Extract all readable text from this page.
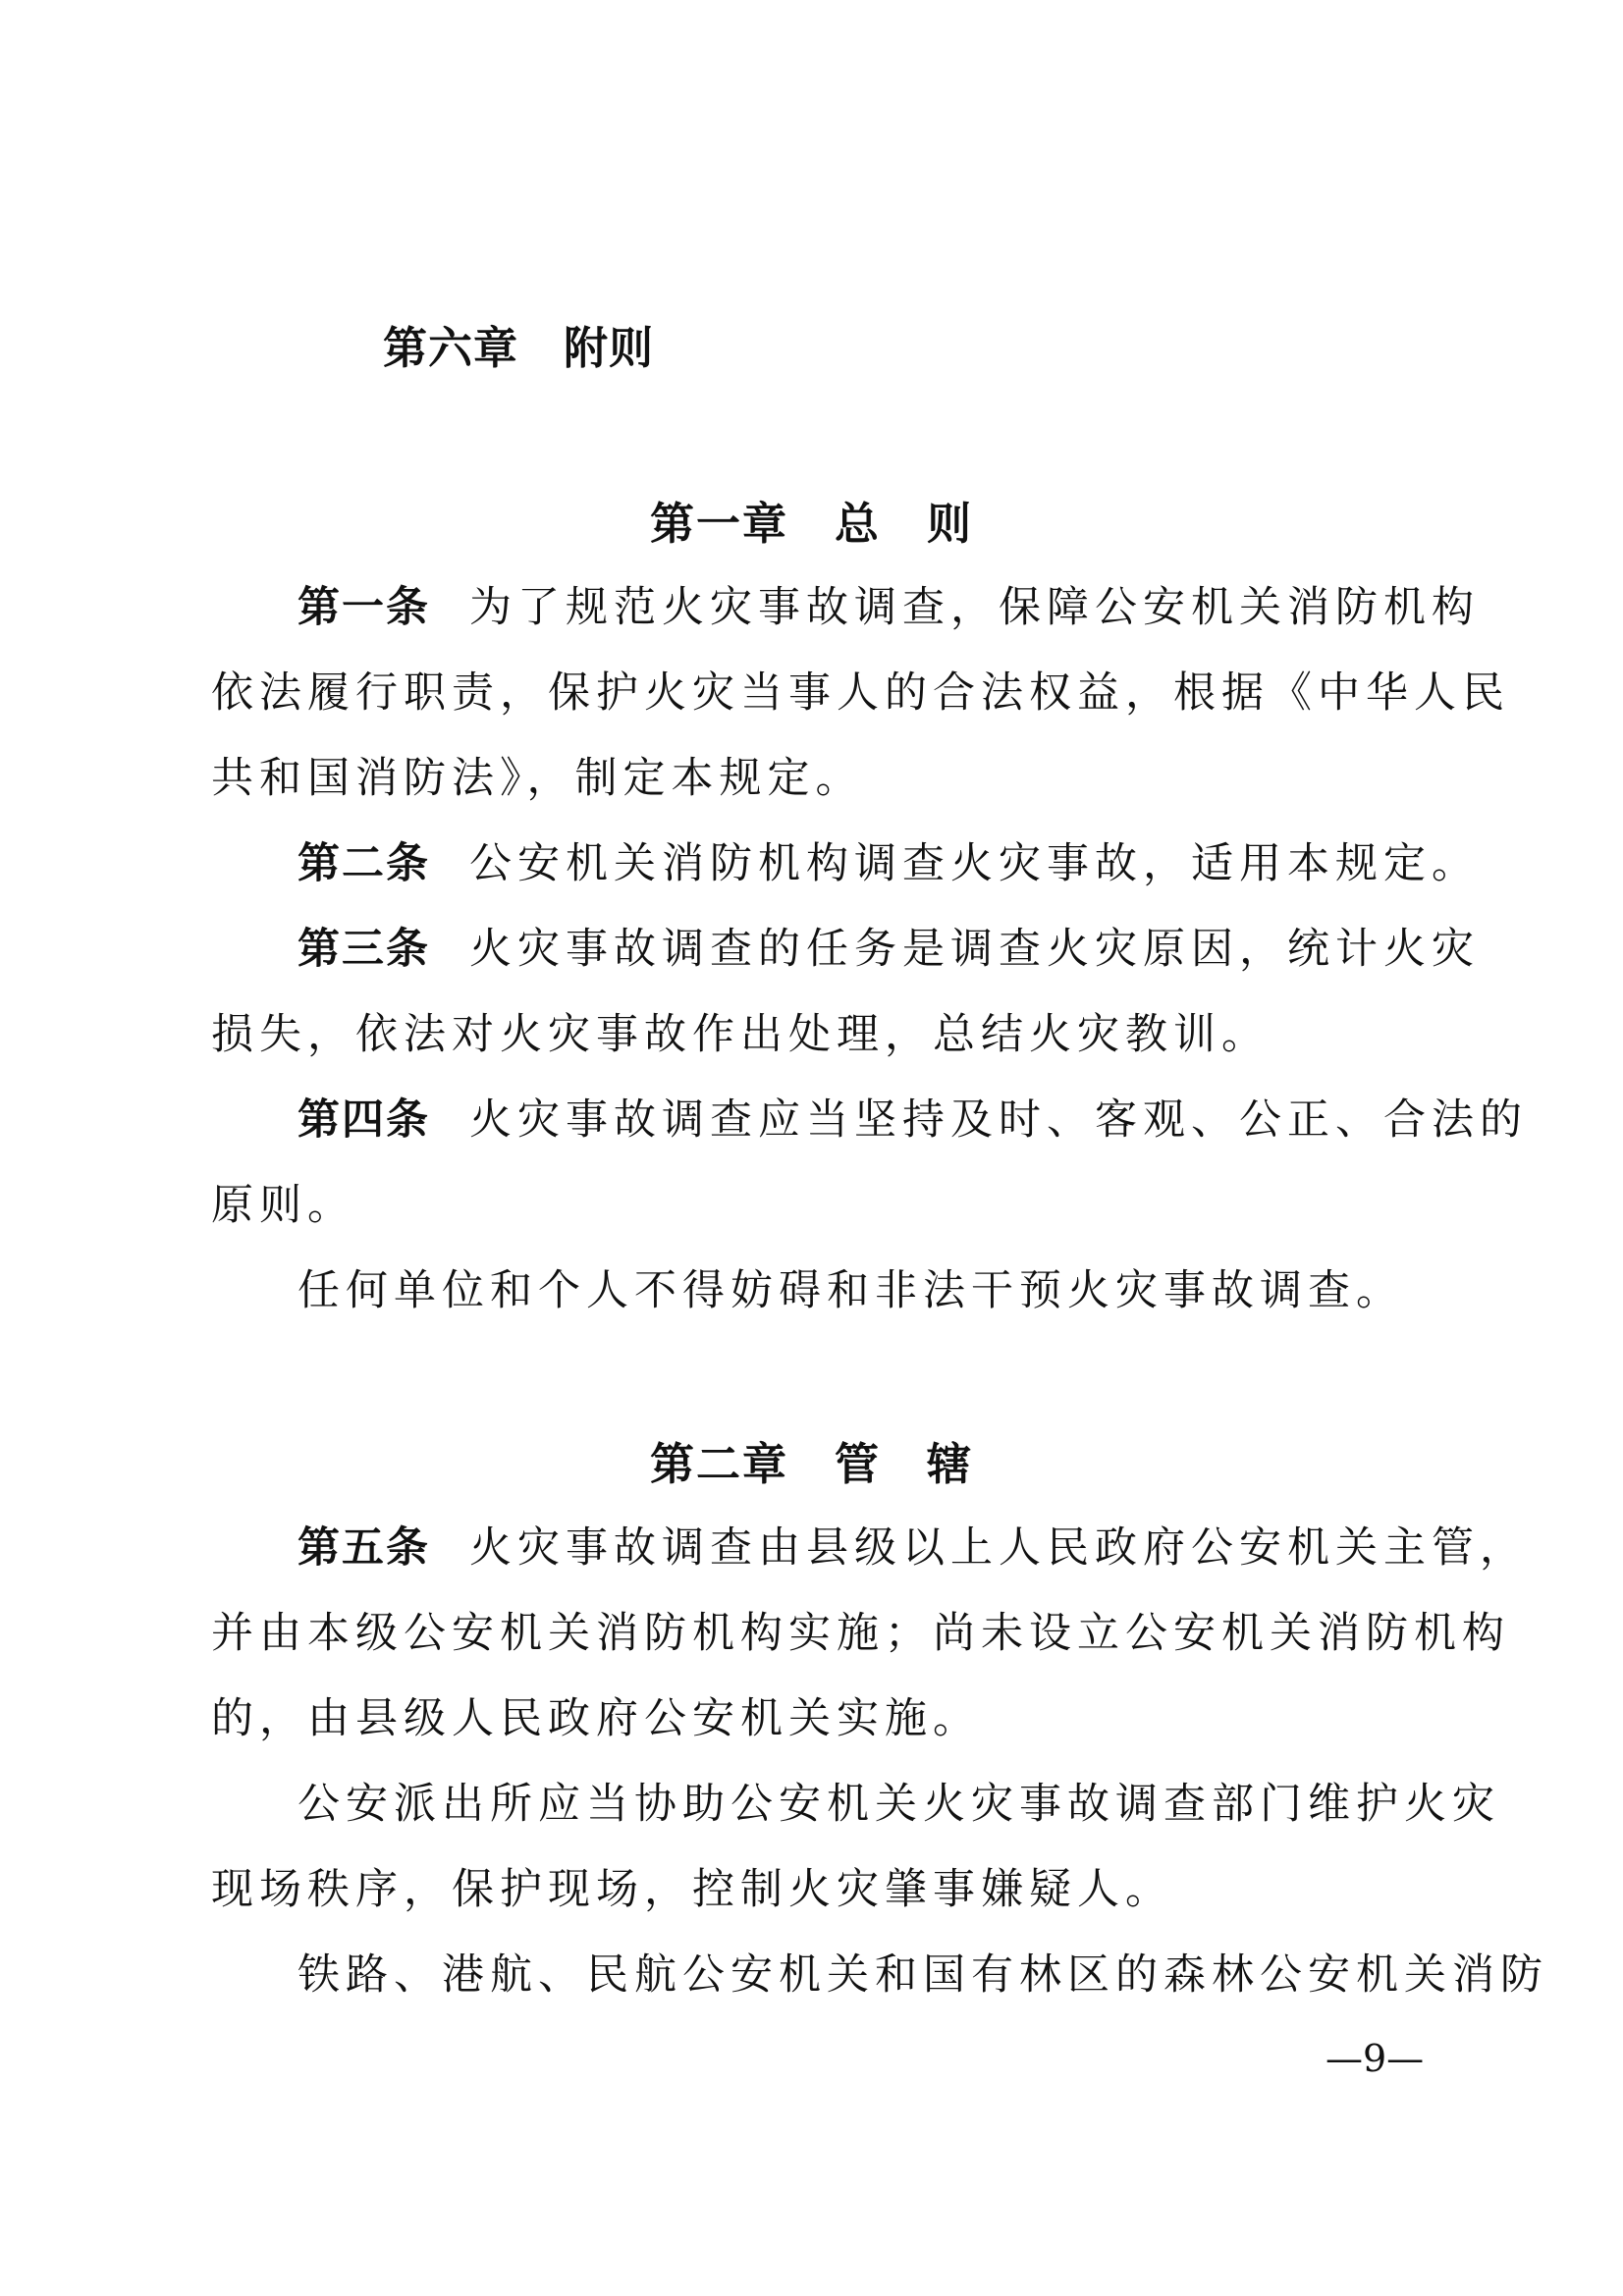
第六章　附则
第一章　总　则
第一条 为了规范火灾事故调查，保障公安机关消防机构
依法履行职责，保护火灾当事人的合法权益，根据《中华人民
共和国消防法》，制定本规定。
第二条 公安机关消防机构调查火灾事故，适用本规定。
第三条 火灾事故调查的任务是调查火灾原因，统计火灾
损失，依法对火灾事故作出处理，总结火灾教训。
第四条 火灾事故调查应当坚持及时、客观、公正、合法的
原则。
任何单位和个人不得妨碍和非法干预火灾事故调查。
第二章　管　辖
第五条 火灾事故调查由县级以上人民政府公安机关主管，
并由本级公安机关消防机构实施；尚未设立公安机关消防机构
的，由县级人民政府公安机关实施。
公安派出所应当协助公安机关火灾事故调查部门维护火灾
现场秩序，保护现场，控制火灾肇事嫌疑人。
铁路、港航、民航公安机关和国有林区的森林公安机关消防
—9—
